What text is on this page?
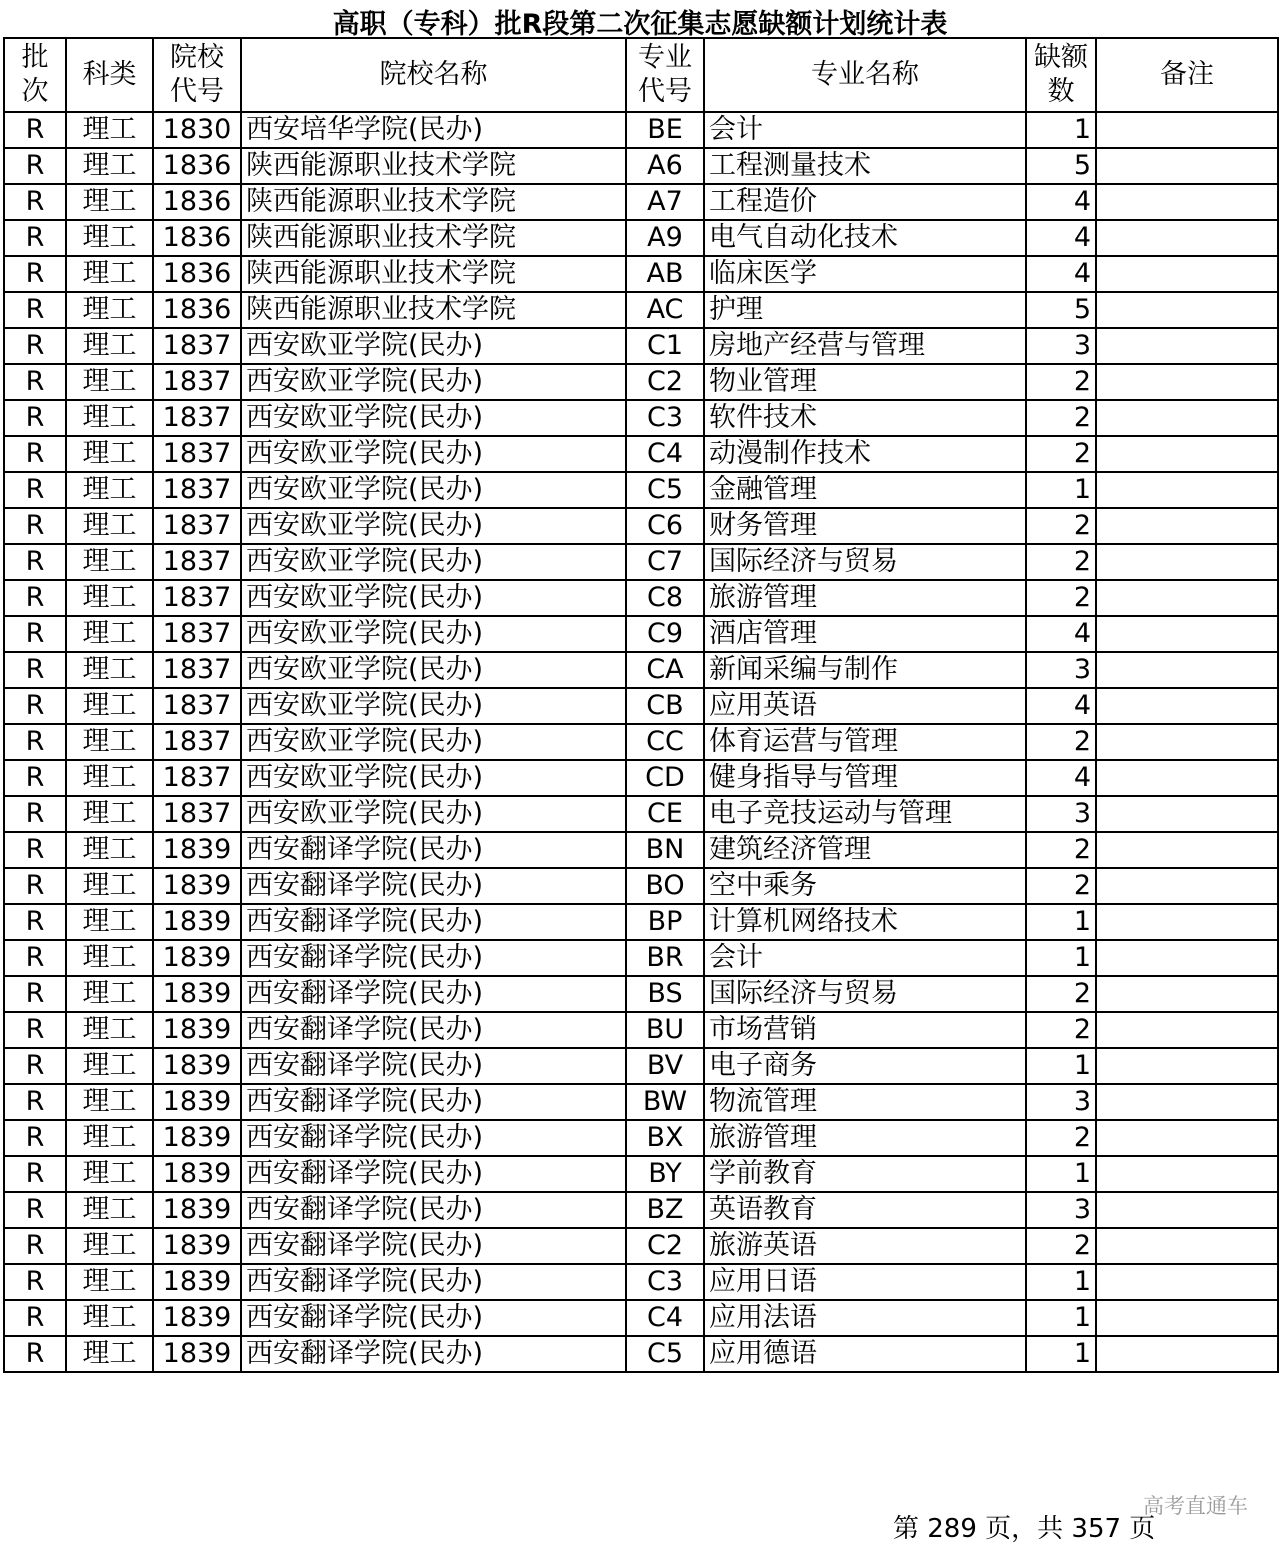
高职（专科）批R段第二次征集志愿缺额计划统计表
批次	科类	院校代号	院校名称	专业代号	专业名称	缺额数	备注
R	理工	1830	西安培华学院(民办)	BE	会计	1	
R	理工	1836	陕西能源职业技术学院	A6	工程测量技术	5	
R	理工	1836	陕西能源职业技术学院	A7	工程造价	4	
R	理工	1836	陕西能源职业技术学院	A9	电气自动化技术	4	
R	理工	1836	陕西能源职业技术学院	AB	临床医学	4	
R	理工	1836	陕西能源职业技术学院	AC	护理	5	
R	理工	1837	西安欧亚学院(民办)	C1	房地产经营与管理	3	
R	理工	1837	西安欧亚学院(民办)	C2	物业管理	2	
R	理工	1837	西安欧亚学院(民办)	C3	软件技术	2	
R	理工	1837	西安欧亚学院(民办)	C4	动漫制作技术	2	
R	理工	1837	西安欧亚学院(民办)	C5	金融管理	1	
R	理工	1837	西安欧亚学院(民办)	C6	财务管理	2	
R	理工	1837	西安欧亚学院(民办)	C7	国际经济与贸易	2	
R	理工	1837	西安欧亚学院(民办)	C8	旅游管理	2	
R	理工	1837	西安欧亚学院(民办)	C9	酒店管理	4	
R	理工	1837	西安欧亚学院(民办)	CA	新闻采编与制作	3	
R	理工	1837	西安欧亚学院(民办)	CB	应用英语	4	
R	理工	1837	西安欧亚学院(民办)	CC	体育运营与管理	2	
R	理工	1837	西安欧亚学院(民办)	CD	健身指导与管理	4	
R	理工	1837	西安欧亚学院(民办)	CE	电子竞技运动与管理	3	
R	理工	1839	西安翻译学院(民办)	BN	建筑经济管理	2	
R	理工	1839	西安翻译学院(民办)	BO	空中乘务	2	
R	理工	1839	西安翻译学院(民办)	BP	计算机网络技术	1	
R	理工	1839	西安翻译学院(民办)	BR	会计	1	
R	理工	1839	西安翻译学院(民办)	BS	国际经济与贸易	2	
R	理工	1839	西安翻译学院(民办)	BU	市场营销	2	
R	理工	1839	西安翻译学院(民办)	BV	电子商务	1	
R	理工	1839	西安翻译学院(民办)	BW	物流管理	3	
R	理工	1839	西安翻译学院(民办)	BX	旅游管理	2	
R	理工	1839	西安翻译学院(民办)	BY	学前教育	1	
R	理工	1839	西安翻译学院(民办)	BZ	英语教育	3	
R	理工	1839	西安翻译学院(民办)	C2	旅游英语	2	
R	理工	1839	西安翻译学院(民办)	C3	应用日语	1	
R	理工	1839	西安翻译学院(民办)	C4	应用法语	1	
R	理工	1839	西安翻译学院(民办)	C5	应用德语	1	
高考直通车
第 289 页，共 357 页
